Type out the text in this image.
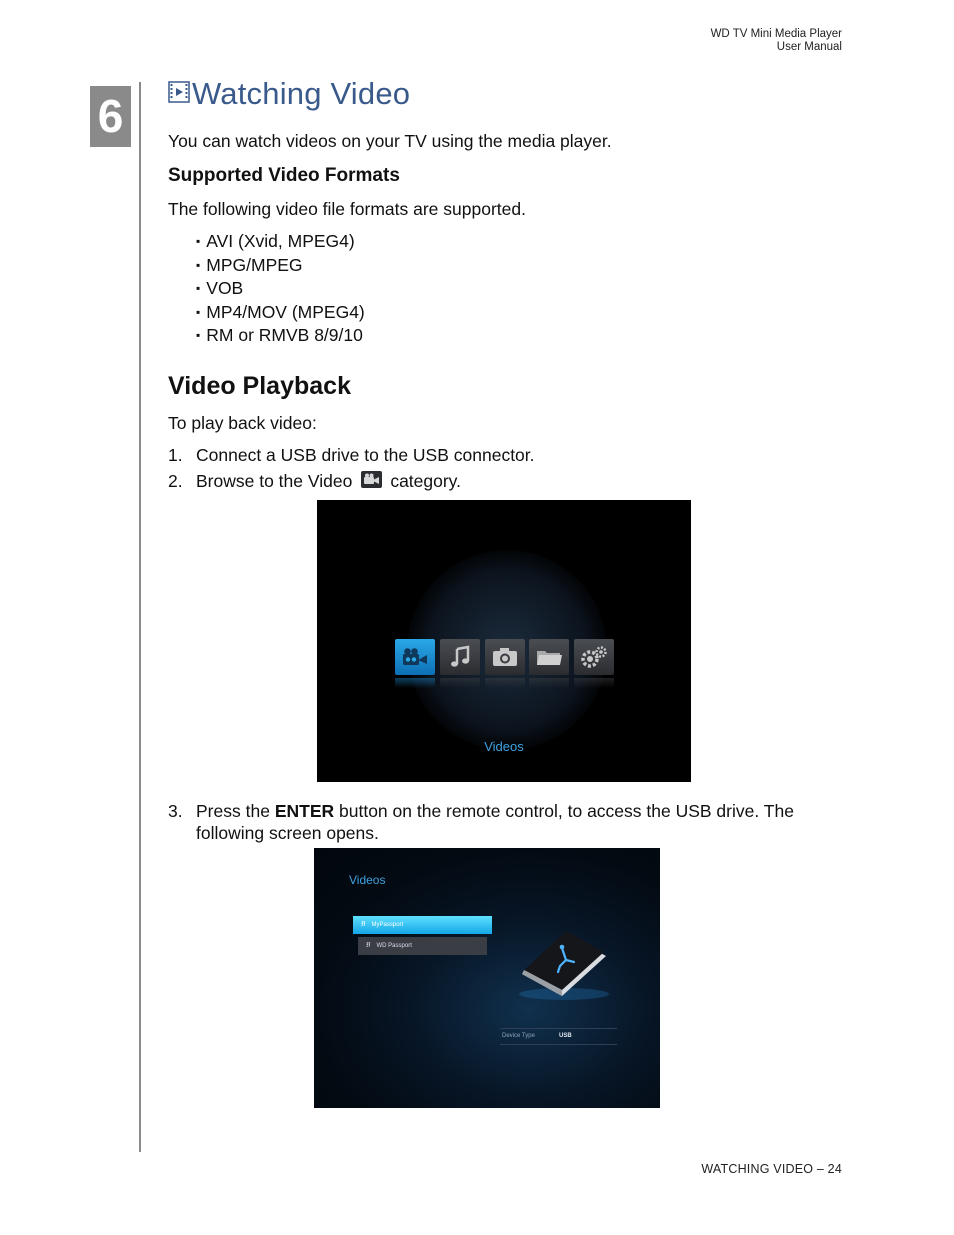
WD TV Mini Media Player
User Manual
6 Watching Video
You can watch videos on your TV using the media player.
Supported Video Formats
The following video file formats are supported.
▪ AVI (Xvid, MPEG4)
▪ MPG/MPEG
▪ VOB
▪ MP4/MOV (MPEG4)
▪ RM or RMVB 8/9/10
Video Playback
To play back video:
1. Connect a USB drive to the USB connector.
2. Browse to the Video category.
Videos
3. Press the ENTER button on the remote control, to access the USB drive. The
following screen opens.
Videos
⭿ MyPassport
⭿ WD Passport
Device Type	USB
WATCHING VIDEO – 24
